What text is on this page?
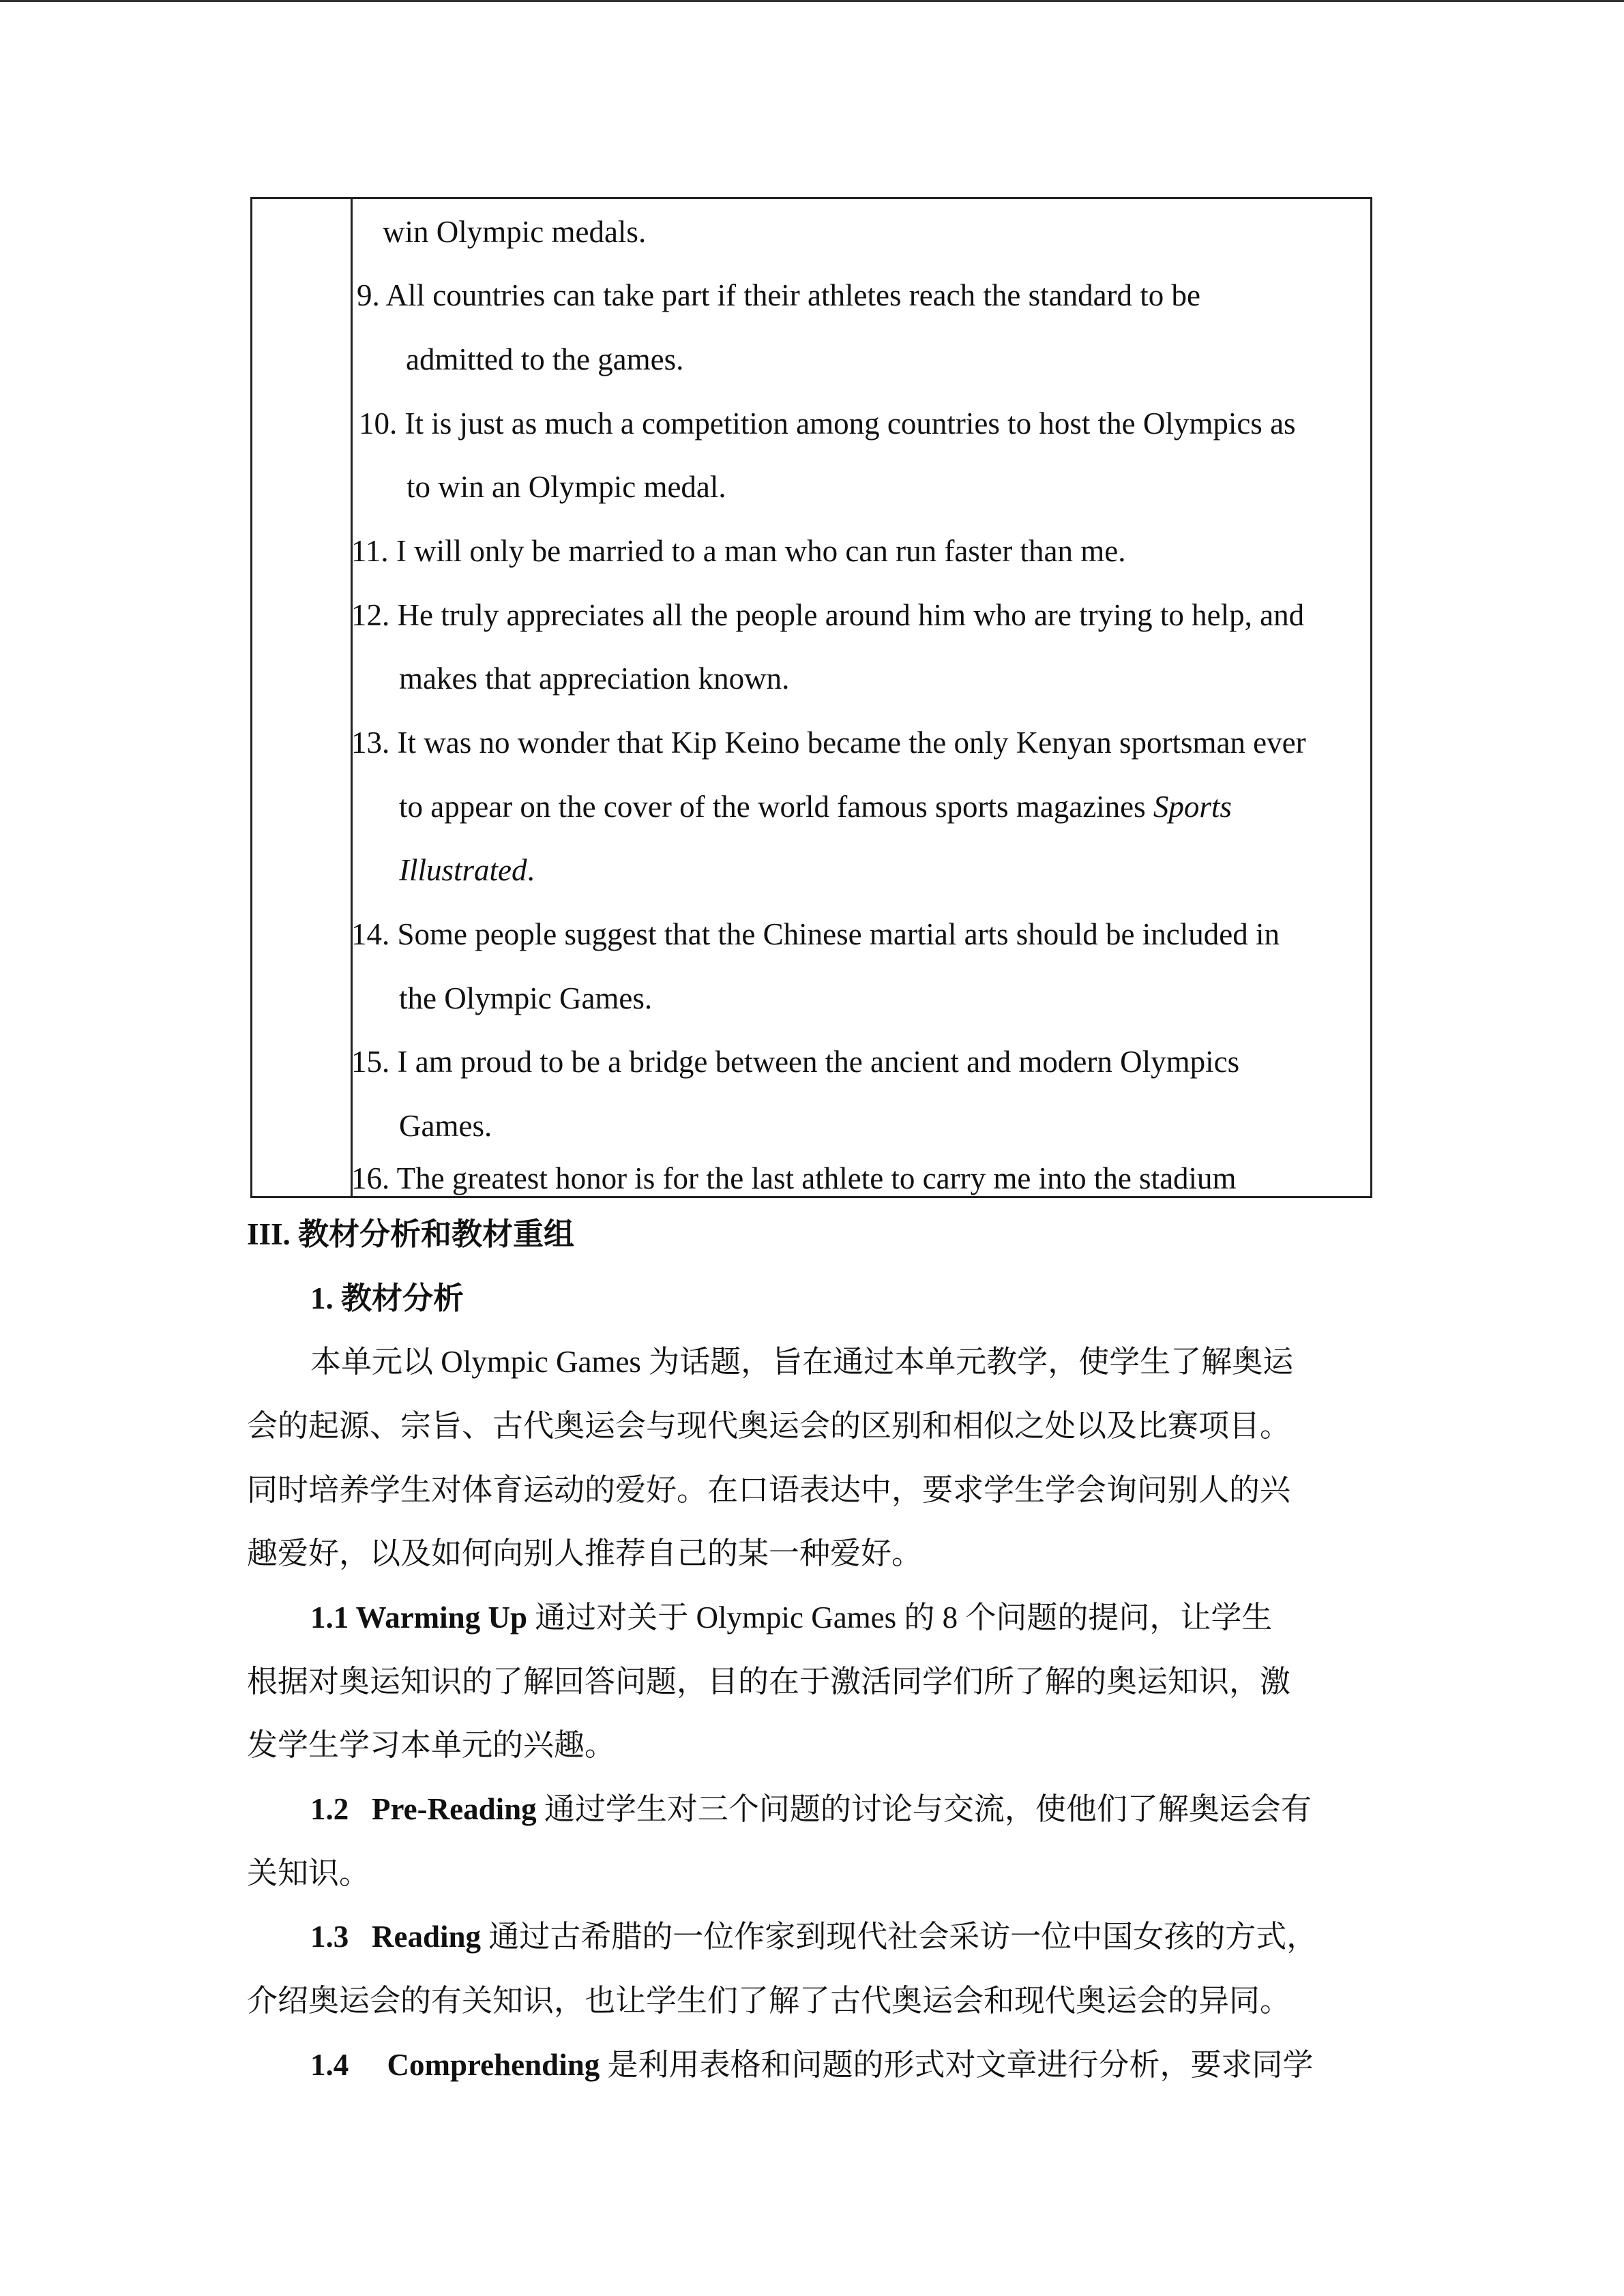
win Olympic medals.
9. All countries can take part if their athletes reach the standard to be
admitted to the games.
10. It is just as much a competition among countries to host the Olympics as
to win an Olympic medal.
11. I will only be married to a man who can run faster than me.
12. He truly appreciates all the people around him who are trying to help, and
makes that appreciation known.
13. It was no wonder that Kip Keino became the only Kenyan sportsman ever
to appear on the cover of the world famous sports magazines Sports
Illustrated.
14. Some people suggest that the Chinese martial arts should be included in
the Olympic Games.
15. I am proud to be a bridge between the ancient and modern Olympics
Games.
16. The greatest honor is for the last athlete to carry me into the stadium
III. 教材分析和教材重组
1. 教材分析
本单元以 Olympic Games 为话题，旨在通过本单元教学，使学生了解奥运
会的起源、宗旨、古代奥运会与现代奥运会的区别和相似之处以及比赛项目。
同时培养学生对体育运动的爱好。在口语表达中，要求学生学会询问别人的兴
趣爱好，以及如何向别人推荐自己的某一种爱好。
1.1 Warming Up 通过对关于 Olympic Games 的 8 个问题的提问，让学生
根据对奥运知识的了解回答问题，目的在于激活同学们所了解的奥运知识，激
发学生学习本单元的兴趣。
1.2   Pre-Reading 通过学生对三个问题的讨论与交流，使他们了解奥运会有
关知识。
1.3   Reading 通过古希腊的一位作家到现代社会采访一位中国女孩的方式，
介绍奥运会的有关知识，也让学生们了解了古代奥运会和现代奥运会的异同。
1.4     Comprehending 是利用表格和问题的形式对文章进行分析，要求同学
